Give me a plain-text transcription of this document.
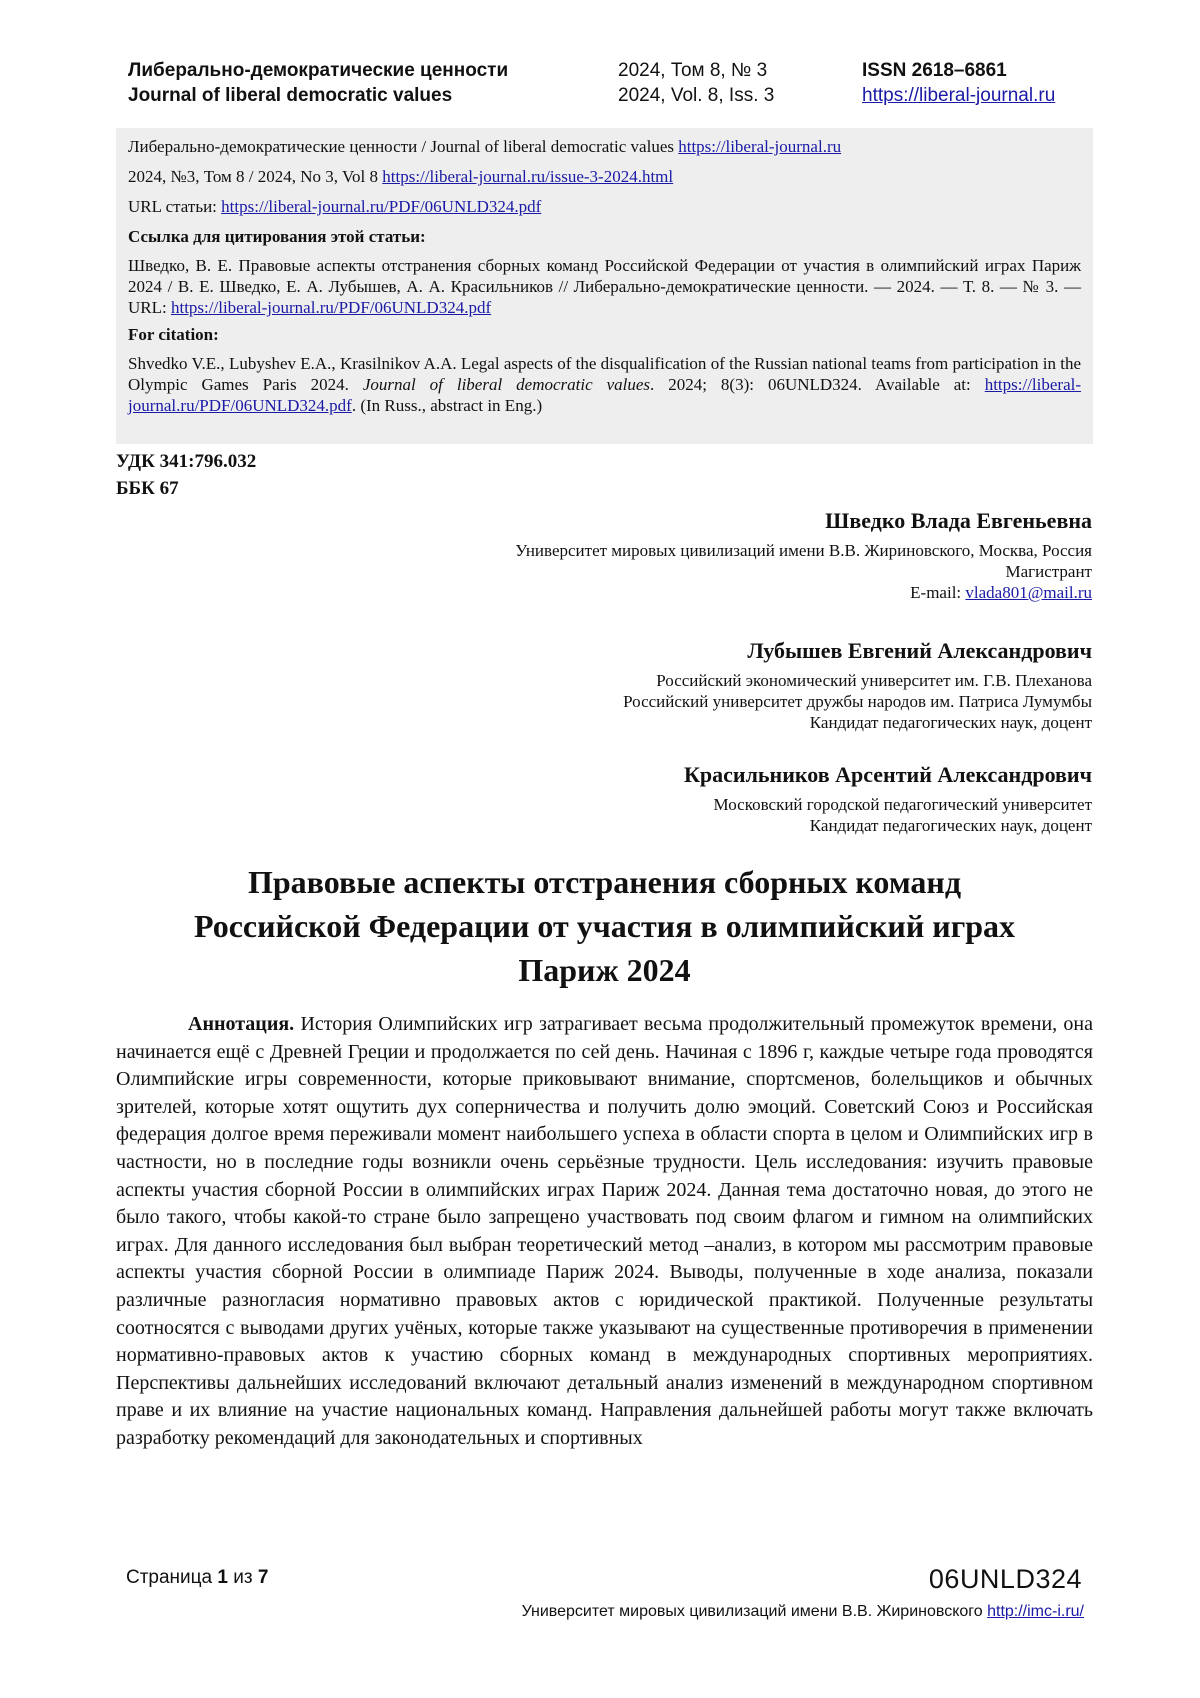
Либерально-демократические ценности
Journal of liberal democratic values
2024, Том 8, № 3
2024, Vol. 8, Iss. 3
ISSN 2618–6861
https://liberal-journal.ru

Либерально-демократические ценности / Journal of liberal democratic values https://liberal-journal.ru

2024, №3, Том 8 / 2024, No 3, Vol 8 https://liberal-journal.ru/issue-3-2024.html

URL статьи: https://liberal-journal.ru/PDF/06UNLD324.pdf

Ссылка для цитирования этой статьи:

Шведко, В. Е. Правовые аспекты отстранения сборных команд Российской Федерации от участия в олимпийский играх Париж 2024 / В. Е. Шведко, Е. А. Лубышев, А. А. Красильников // Либерально-демократические ценности. — 2024. — Т. 8. — № 3. — URL: https://liberal-journal.ru/PDF/06UNLD324.pdf

For citation:

Shvedko V.E., Lubyshev E.A., Krasilnikov A.A. Legal aspects of the disqualification of the Russian national teams from participation in the Olympic Games Paris 2024. Journal of liberal democratic values. 2024; 8(3): 06UNLD324. Available at: https://liberal-journal.ru/PDF/06UNLD324.pdf. (In Russ., abstract in Eng.)

УДК 341:796.032
ББК 67
Шведко Влада Евгеньевна
Университет мировых цивилизаций имени В.В. Жириновского, Москва, Россия
Магистрант
E-mail: vlada801@mail.ru
Лубышев Евгений Александрович
Российский экономический университет им. Г.В. Плеханова
Российский университет дружбы народов им. Патриса Лумумбы
Кандидат педагогических наук, доцент
Красильников Арсентий Александрович
Московский городской педагогический университет
Кандидат педагогических наук, доцент
Правовые аспекты отстранения сборных команд
Российской Федерации от участия в олимпийский играх
Париж 2024

Аннотация. История Олимпийских игр затрагивает весьма продолжительный промежуток времени, она начинается ещё с Древней Греции и продолжается по сей день. Начиная с 1896 г, каждые четыре года проводятся Олимпийские игры современности, которые приковывают внимание, спортсменов, болельщиков и обычных зрителей, которые хотят ощутить дух соперничества и получить долю эмоций. Советский Союз и Российская федерация долгое время переживали момент наибольшего успеха в области спорта в целом и Олимпийских игр в частности, но в последние годы возникли очень серьёзные трудности. Цель исследования: изучить правовые аспекты участия сборной России в олимпийских играх Париж 2024. Данная тема достаточно новая, до этого не было такого, чтобы какой-то стране было запрещено участвовать под своим флагом и гимном на олимпийских играх. Для данного исследования был выбран теоретический метод –анализ, в котором мы рассмотрим правовые аспекты участия сборной России в олимпиаде Париж 2024. Выводы, полученные в ходе анализа, показали различные разногласия нормативно правовых актов с юридической практикой. Полученные результаты соотносятся с выводами других учёных, которые также указывают на существенные противоречия в применении нормативно-правовых актов к участию сборных команд в международных спортивных мероприятиях. Перспективы дальнейших исследований включают детальный анализ изменений в международном спортивном праве и их влияние на участие национальных команд. Направления дальнейшей работы могут также включать разработку рекомендаций для законодательных и спортивных

Страница 1 из 7	06UNLD324
Университет мировых цивилизаций имени В.В. Жириновского http://imc-i.ru/
